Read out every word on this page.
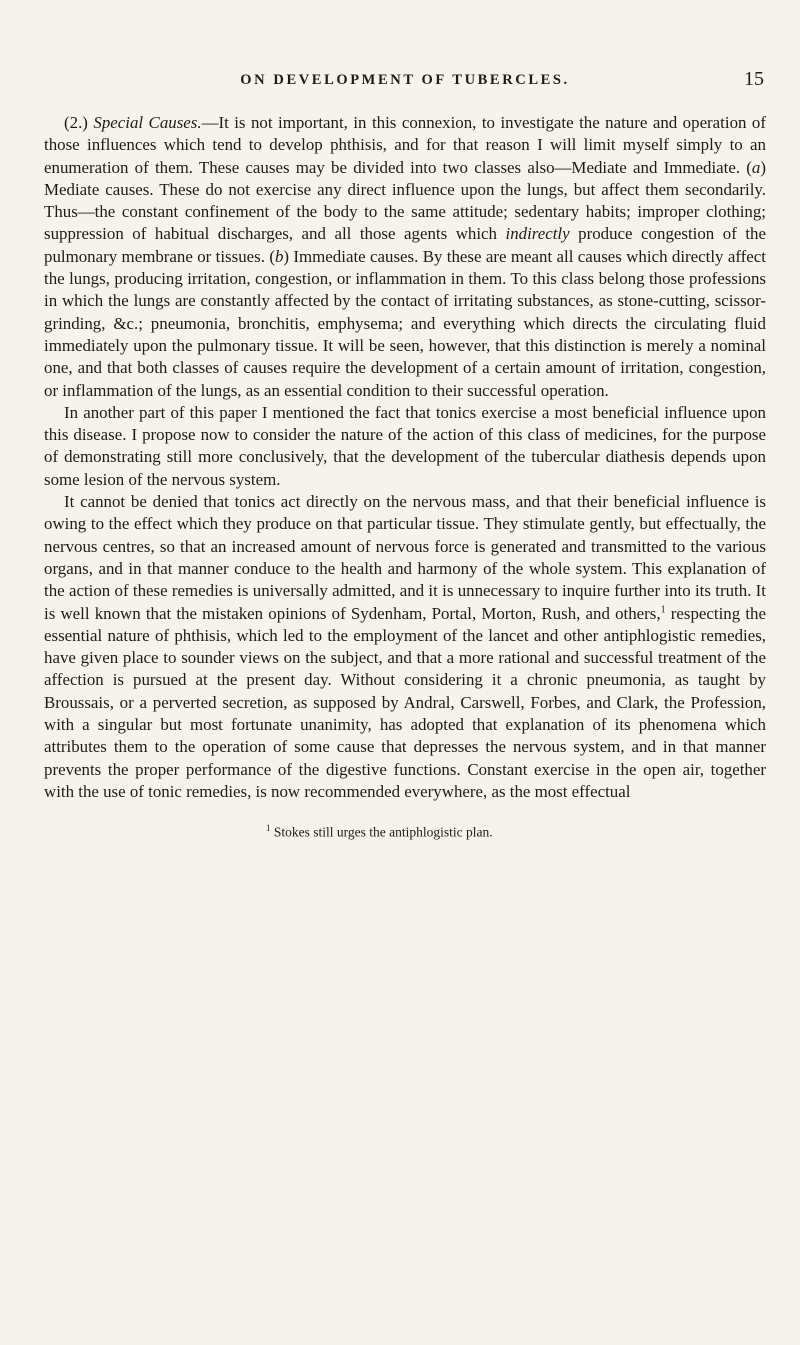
ON DEVELOPMENT OF TUBERCLES.	15

(2.) Special Causes.—It is not important, in this connexion, to investigate the nature and operation of those influences which tend to develop phthisis, and for that reason I will limit myself simply to an enumeration of them. These causes may be divided into two classes also—Mediate and Immediate. (a) Mediate causes. These do not exercise any direct influence upon the lungs, but affect them secondarily. Thus—the constant confinement of the body to the same attitude; sedentary habits; improper clothing; suppression of habitual discharges, and all those agents which indirectly produce congestion of the pulmonary membrane or tissues. (b) Immediate causes. By these are meant all causes which directly affect the lungs, producing irritation, congestion, or inflammation in them. To this class belong those professions in which the lungs are constantly affected by the contact of irritating substances, as stone-cutting, scissor-grinding, &c.; pneumonia, bronchitis, emphysema; and everything which directs the circulating fluid immediately upon the pulmonary tissue. It will be seen, however, that this distinction is merely a nominal one, and that both classes of causes require the development of a certain amount of irritation, congestion, or inflammation of the lungs, as an essential condition to their successful operation.

In another part of this paper I mentioned the fact that tonics exercise a most beneficial influence upon this disease. I propose now to consider the nature of the action of this class of medicines, for the purpose of demonstrating still more conclusively, that the development of the tubercular diathesis depends upon some lesion of the nervous system.

It cannot be denied that tonics act directly on the nervous mass, and that their beneficial influence is owing to the effect which they produce on that particular tissue. They stimulate gently, but effectually, the nervous centres, so that an increased amount of nervous force is generated and transmitted to the various organs, and in that manner conduce to the health and harmony of the whole system. This explanation of the action of these remedies is universally admitted, and it is unnecessary to inquire further into its truth. It is well known that the mistaken opinions of Sydenham, Portal, Morton, Rush, and others,$^1$ respecting the essential nature of phthisis, which led to the employment of the lancet and other antiphlogistic remedies, have given place to sounder views on the subject, and that a more rational and successful treatment of the affection is pursued at the present day. Without considering it a chronic pneumonia, as taught by Broussais, or a perverted secretion, as supposed by Andral, Carswell, Forbes, and Clark, the Profession, with a singular but most fortunate unanimity, has adopted that explanation of its phenomena which attributes them to the operation of some cause that depresses the nervous system, and in that manner prevents the proper performance of the digestive functions. Constant exercise in the open air, together with the use of tonic remedies, is now recommended everywhere, as the most effectual

$^1$ Stokes still urges the antiphlogistic plan.
